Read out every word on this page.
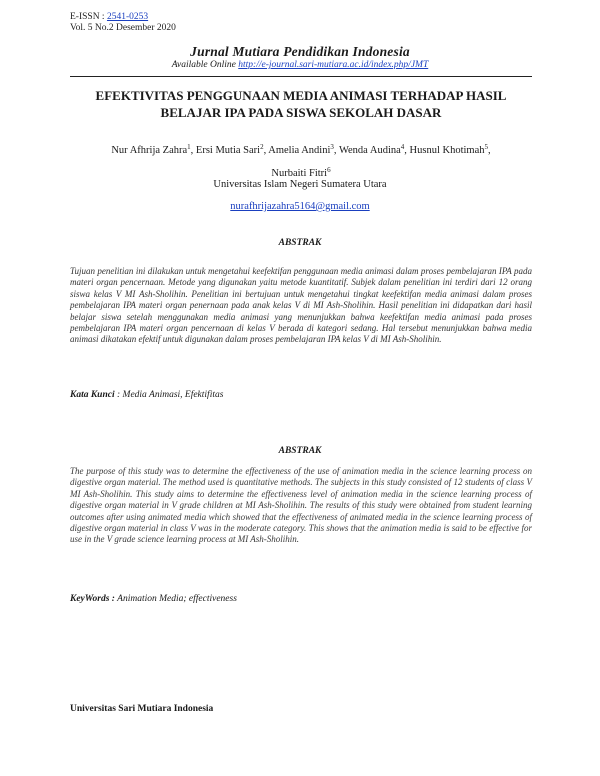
E-ISSN : 2541-0253
Vol. 5 No.2 Desember 2020
Jurnal Mutiara Pendidikan Indonesia
Available Online http://e-journal.sari-mutiara.ac.id/index.php/JMT
EFEKTIVITAS PENGGUNAAN MEDIA ANIMASI TERHADAP HASIL
BELAJAR IPA PADA SISWA SEKOLAH DASAR
Nur Afhrija Zahra$^1$, Ersi Mutia Sari$^2$, Amelia Andini$^3$, Wenda Audina$^4$, Husnul Khotimah$^5$,
Nurbaiti Fitri$^6$
Universitas Islam Negeri Sumatera Utara
nurafhrijazahra5164@gmail.com
ABSTRAK
Tujuan penelitian ini dilakukan untuk mengetahui keefektifan penggunaan media animasi dalam proses pembelajaran IPA pada materi organ pencernaan. Metode yang digunakan yaitu metode kuantitatif. Subjek dalam penelitian ini terdiri dari 12 orang siswa kelas V MI Ash-Sholihin. Penelitian ini bertujuan untuk mengetahui tingkat keefektifan media animasi dalam proses pembelajaran IPA materi organ penernaan pada anak kelas V di MI Ash-Sholihin. Hasil penelitian ini didapatkan dari hasil belajar siswa setelah menggunakan media animasi yang menunjukkan bahwa keefektifan media animasi pada proses pembelajaran IPA materi organ pencernaan di kelas V berada di kategori sedang. Hal tersebut menunjukkan bahwa media animasi dikatakan efektif untuk digunakan dalam proses pembelajaran IPA kelas V di MI Ash-Sholihin.
Kata Kunci : Media Animasi, Efektifitas
ABSTRAK
The purpose of this study was to determine the effectiveness of the use of animation media in the science learning process on digestive organ material. The method used is quantitative methods. The subjects in this study consisted of 12 students of class V MI Ash-Sholihin. This study aims to determine the effectiveness level of animation media in the science learning process of digestive organ material in V grade children at MI Ash-Sholihin. The results of this study were obtained from student learning outcomes after using animated media which showed that the effectiveness of animated media in the science learning process of digestive organ material in class V was in the moderate category. This shows that the animation media is said to be effective for use in the V grade science learning process at MI Ash-Sholihin.
KeyWords : Animation Media; effectiveness
Universitas Sari Mutiara Indonesia
